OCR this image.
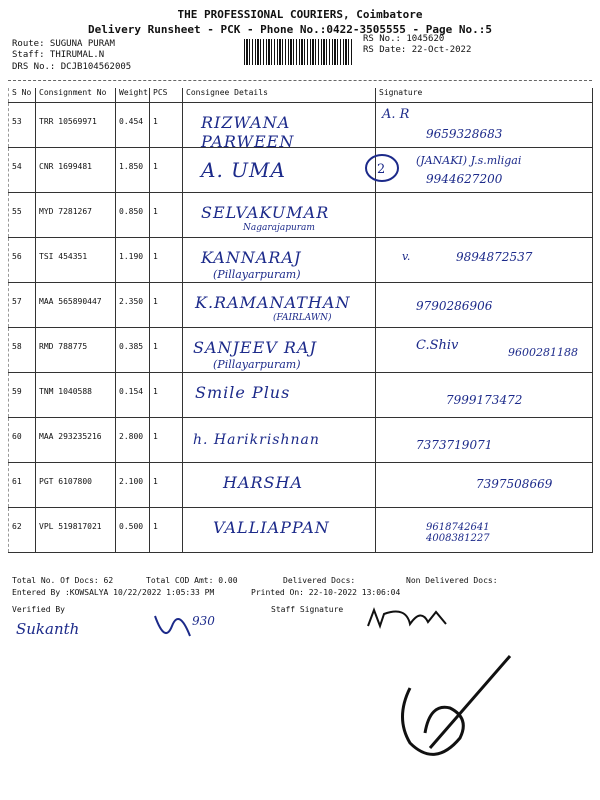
THE PROFESSIONAL COURIERS, Coimbatore
Delivery Runsheet - PCK - Phone No.:0422-3505555 - Page No.:5
Route: SUGUNA PURAM
Staff: THIRUMAL.N
DRS No.: DCJB104562005
RS No.: 1045620
RS Date: 22-Oct-2022
S No	Consignment No	Weight	PCS	Consignee Details	Signature
53	TRR 10569971	0.454	1	RIZWANA PARWEEN	A. R
9659328683

54	CNR 1699481	1.850	1	A. UMA	(JANAKI) J.s.mligai
9944627200

55	MYD 7281267	0.850	1	SELVAKUMAR
Nagarajapuram	

56	TSI 454351	1.190	1	KANNARAJ
(Pillayarpuram)	v. 9894872537

57	MAA 565890447	2.350	1	K.RAMANATHAN
(FAIRLAWN)	9790286906

58	RMD 788775	0.385	1	SANJEEV RAJ
(Pillayarpuram)	C.Shiv 9600281188

59	TNM 1040588	0.154	1	Smile Plus	7999173472

60	MAA 293235216	2.800	1	h. Harikrishnan	7373719071

61	PGT 6107800	2.100	1	HARSHA	7397508669

62	VPL 519817021	0.500	1	VALLIAPPAN	9618742641 4008381227
Total No. Of Docs: 62	Total COD Amt: 0.00	Delivered Docs:	Non Delivered Docs:
Entered By :KOWSALYA 10/22/2022 1:05:33 PM	Printed On: 22-10-2022 13:06:04
Verified By	Staff Signature
Sukanth	930
2
